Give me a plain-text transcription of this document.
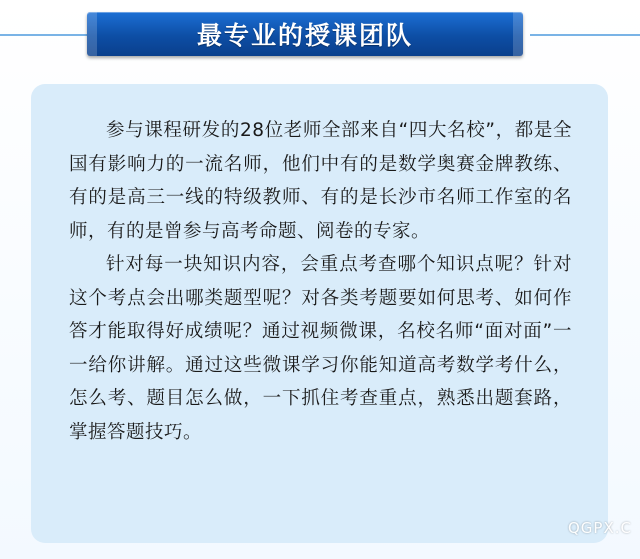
最专业的授课团队

参与课程研发的28位老师全部来自“四大名校”，都是全国有影响力的一流名师，他们中有的是数学奥赛金牌教练、有的是高三一线的特级教师、有的是长沙市名师工作室的名师，有的是曾参与高考命题、阅卷的专家。

针对每一块知识内容，会重点考查哪个知识点呢？针对这个考点会出哪类题型呢？对各类考题要如何思考、如何作答才能取得好成绩呢？通过视频微课，名校名师“面对面”一一给你讲解。通过这些微课学习你能知道高考数学考什么，怎么考、题目怎么做，一下抓住考查重点，熟悉出题套路，掌握答题技巧。

QGPX.C
